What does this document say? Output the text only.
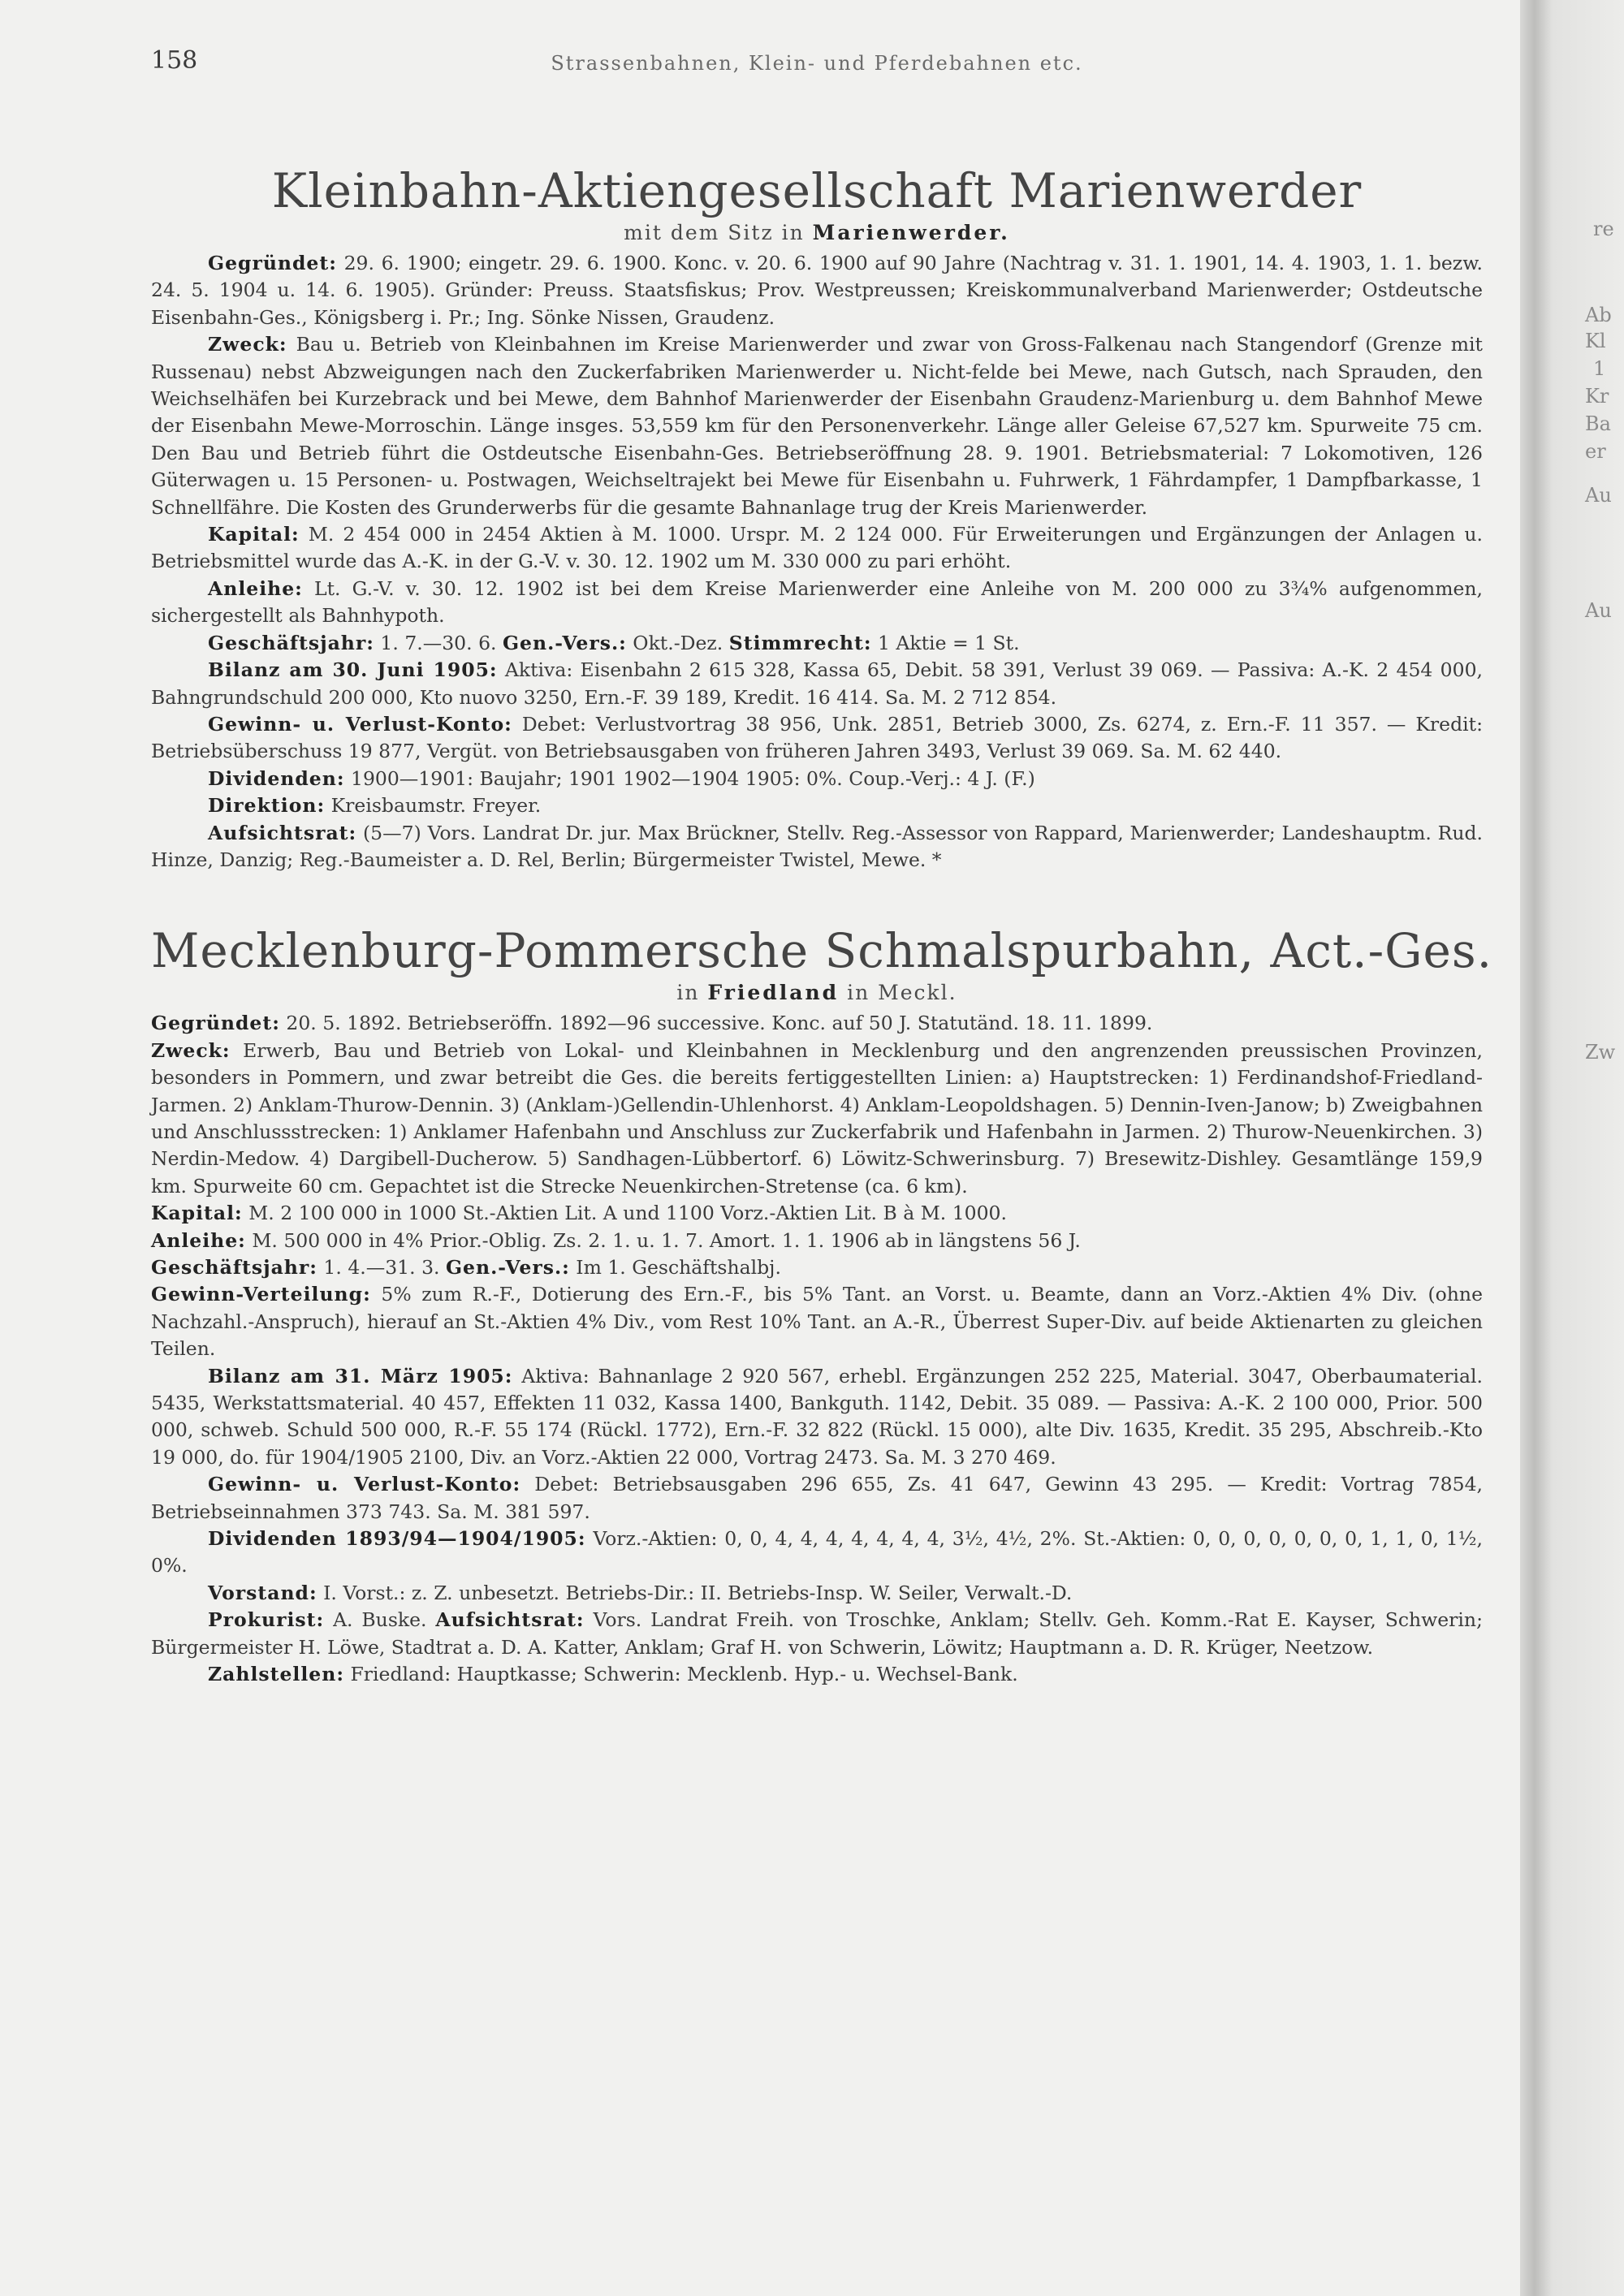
158	Strassenbahnen, Klein- und Pferdebahnen etc.
Kleinbahn-Aktiengesellschaft Marienwerder
mit dem Sitz in Marienwerder.

Gegründet: 29. 6. 1900; eingetr. 29. 6. 1900. Konc. v. 20. 6. 1900 auf 90 Jahre (Nachtrag v. 31. 1. 1901, 14. 4. 1903, 1. 1. bezw. 24. 5. 1904 u. 14. 6. 1905). Gründer: Preuss. Staatsfiskus; Prov. Westpreussen; Kreiskommunalverband Marienwerder; Ostdeutsche Eisenbahn-Ges., Königsberg i. Pr.; Ing. Sönke Nissen, Graudenz.

Zweck: Bau u. Betrieb von Kleinbahnen im Kreise Marienwerder und zwar von Gross-Falkenau nach Stangendorf (Grenze mit Russenau) nebst Abzweigungen nach den Zuckerfabriken Marienwerder u. Nicht-felde bei Mewe, nach Gutsch, nach Sprauden, den Weichselhäfen bei Kurzebrack und bei Mewe, dem Bahnhof Marienwerder der Eisenbahn Graudenz-Marienburg u. dem Bahnhof Mewe der Eisenbahn Mewe-Morroschin. Länge insges. 53,559 km für den Personenverkehr. Länge aller Geleise 67,527 km. Spurweite 75 cm. Den Bau und Betrieb führt die Ostdeutsche Eisenbahn-Ges. Betriebseröffnung 28. 9. 1901. Betriebsmaterial: 7 Lokomotiven, 126 Güterwagen u. 15 Personen- u. Postwagen, Weichseltrajekt bei Mewe für Eisenbahn u. Fuhrwerk, 1 Fährdampfer, 1 Dampfbarkasse, 1 Schnellfähre. Die Kosten des Grunderwerbs für die gesamte Bahnanlage trug der Kreis Marienwerder.

Kapital: M. 2 454 000 in 2454 Aktien à M. 1000. Urspr. M. 2 124 000. Für Erweiterungen und Ergänzungen der Anlagen u. Betriebsmittel wurde das A.-K. in der G.-V. v. 30. 12. 1902 um M. 330 000 zu pari erhöht.

Anleihe: Lt. G.-V. v. 30. 12. 1902 ist bei dem Kreise Marienwerder eine Anleihe von M. 200 000 zu 3¾% aufgenommen, sichergestellt als Bahnhypoth.

Geschäftsjahr: 1. 7.—30. 6. Gen.-Vers.: Okt.-Dez. Stimmrecht: 1 Aktie = 1 St.

Bilanz am 30. Juni 1905: Aktiva: Eisenbahn 2 615 328, Kassa 65, Debit. 58 391, Verlust 39 069. — Passiva: A.-K. 2 454 000, Bahngrundschuld 200 000, Kto nuovo 3250, Ern.-F. 39 189, Kredit. 16 414. Sa. M. 2 712 854.

Gewinn- u. Verlust-Konto: Debet: Verlustvortrag 38 956, Unk. 2851, Betrieb 3000, Zs. 6274, z. Ern.-F. 11 357. — Kredit: Betriebsüberschuss 19 877, Vergüt. von Betriebsausgaben von früheren Jahren 3493, Verlust 39 069. Sa. M. 62 440.

Dividenden: 1900—1901: Baujahr; 1901 1902—1904 1905: 0%. Coup.-Verj.: 4 J. (F.)

Direktion: Kreisbaumstr. Freyer.

Aufsichtsrat: (5—7) Vors. Landrat Dr. jur. Max Brückner, Stellv. Reg.-Assessor von Rappard, Marienwerder; Landeshauptm. Rud. Hinze, Danzig; Reg.-Baumeister a. D. Rel, Berlin; Bürgermeister Twistel, Mewe. *

Mecklenburg-Pommersche Schmalspurbahn, Act.-Ges.
in Friedland in Meckl.

Gegründet: 20. 5. 1892. Betriebseröffn. 1892—96 successive. Konc. auf 50 J. Statutänd. 18. 11. 1899.

Zweck: Erwerb, Bau und Betrieb von Lokal- und Kleinbahnen in Mecklenburg und den angrenzenden preussischen Provinzen, besonders in Pommern, und zwar betreibt die Ges. die bereits fertiggestellten Linien: a) Hauptstrecken: 1) Ferdinandshof-Friedland-Jarmen. 2) Anklam-Thurow-Dennin. 3) (Anklam-)Gellendin-Uhlenhorst. 4) Anklam-Leopoldshagen. 5) Dennin-Iven-Janow; b) Zweigbahnen und Anschlussstrecken: 1) Anklamer Hafenbahn und Anschluss zur Zuckerfabrik und Hafenbahn in Jarmen. 2) Thurow-Neuenkirchen. 3) Nerdin-Medow. 4) Dargibell-Ducherow. 5) Sandhagen-Lübbertorf. 6) Löwitz-Schwerinsburg. 7) Bresewitz-Dishley. Gesamtlänge 159,9 km. Spurweite 60 cm. Gepachtet ist die Strecke Neuenkirchen-Stretense (ca. 6 km).

Kapital: M. 2 100 000 in 1000 St.-Aktien Lit. A und 1100 Vorz.-Aktien Lit. B à M. 1000.

Anleihe: M. 500 000 in 4% Prior.-Oblig. Zs. 2. 1. u. 1. 7. Amort. 1. 1. 1906 ab in längstens 56 J.

Geschäftsjahr: 1. 4.—31. 3. Gen.-Vers.: Im 1. Geschäftshalbj.

Gewinn-Verteilung: 5% zum R.-F., Dotierung des Ern.-F., bis 5% Tant. an Vorst. u. Beamte, dann an Vorz.-Aktien 4% Div. (ohne Nachzahl.-Anspruch), hierauf an St.-Aktien 4% Div., vom Rest 10% Tant. an A.-R., Überrest Super-Div. auf beide Aktienarten zu gleichen Teilen.

Bilanz am 31. März 1905: Aktiva: Bahnanlage 2 920 567, erhebl. Ergänzungen 252 225, Material. 3047, Oberbaumaterial. 5435, Werkstattsmaterial. 40 457, Effekten 11 032, Kassa 1400, Bankguth. 1142, Debit. 35 089. — Passiva: A.-K. 2 100 000, Prior. 500 000, schweb. Schuld 500 000, R.-F. 55 174 (Rückl. 1772), Ern.-F. 32 822 (Rückl. 15 000), alte Div. 1635, Kredit. 35 295, Abschreib.-Kto 19 000, do. für 1904/1905 2100, Div. an Vorz.-Aktien 22 000, Vortrag 2473. Sa. M. 3 270 469.

Gewinn- u. Verlust-Konto: Debet: Betriebsausgaben 296 655, Zs. 41 647, Gewinn 43 295. — Kredit: Vortrag 7854, Betriebseinnahmen 373 743. Sa. M. 381 597.

Dividenden 1893/94—1904/1905: Vorz.-Aktien: 0, 0, 4, 4, 4, 4, 4, 4, 4, 3½, 4½, 2%. St.-Aktien: 0, 0, 0, 0, 0, 0, 0, 1, 1, 0, 1½, 0%.

Vorstand: I. Vorst.: z. Z. unbesetzt. Betriebs-Dir.: II. Betriebs-Insp. W. Seiler, Verwalt.-D.

Prokurist: A. Buske. Aufsichtsrat: Vors. Landrat Freih. von Troschke, Anklam; Stellv. Geh. Komm.-Rat E. Kayser, Schwerin; Bürgermeister H. Löwe, Stadtrat a. D. A. Katter, Anklam; Graf H. von Schwerin, Löwitz; Hauptmann a. D. R. Krüger, Neetzow.

Zahlstellen: Friedland: Hauptkasse; Schwerin: Mecklenb. Hyp.- u. Wechsel-Bank.

re
Ab
Kl
1
Kr
Ba
er
Au
Au
Zw
